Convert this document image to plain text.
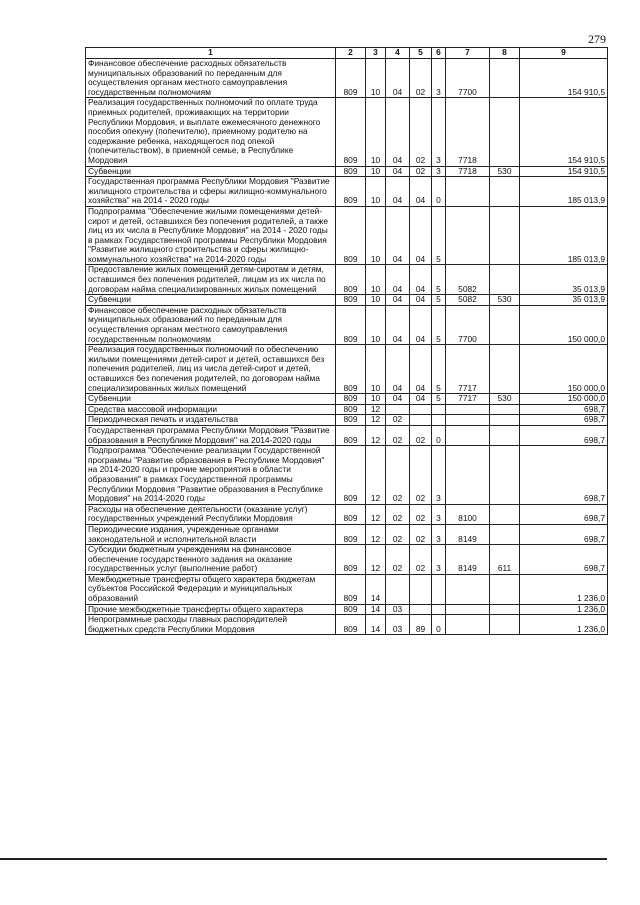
279
1	2	3	4	5	6	7	8	9
Финансовое обеспечение расходных обязательств муниципальных образований по переданным для осуществления органам местного самоуправления государственным полномочиям	809	10	04	02	3	7700		154 910,5
Реализация государственных полномочий по оплате труда приемных родителей, проживающих на территории Республики Мордовия, и выплате ежемесячного денежного пособия опекуну (попечителю), приемному родителю на содержание ребенка, находящегося под опекой (попечительством), в приемной семье, в Республике Мордовия	809	10	04	02	3	7718		154 910,5
Субвенции	809	10	04	02	3	7718	530	154 910,5
Государственная программа Республики Мордовия "Развитие жилищного строительства и сферы жилищно-коммунального хозяйства" на 2014 - 2020 годы	809	10	04	04	0			185 013,9
Подпрограмма "Обеспечение жилыми помещениями детей-сирот и детей, оставшихся без попечения родителей, а также лиц из их числа в Республике Мордовия" на 2014 - 2020 годы в рамках Государственной программы Республики Мордовия "Развитие жилищного строительства и сферы жилищно-коммунального хозяйства" на 2014-2020 годы	809	10	04	04	5			185 013,9
Предоставление жилых помещений детям-сиротам и детям, оставшимся без попечения родителей, лицам из их числа по договорам найма специализированных жилых помещений	809	10	04	04	5	5082		35 013,9
Субвенции	809	10	04	04	5	5082	530	35 013,9
Финансовое обеспечение расходных обязательств муниципальных образований по переданным для осуществления органам местного самоуправления государственным полномочиям	809	10	04	04	5	7700		150 000,0
Реализация государственных полномочий по обеспечению жилыми помещениями детей-сирот и детей, оставшихся без попечения родителей, лиц из числа детей-сирот и детей, оставшихся без попечения родителей, по договорам найма специализированных жилых помещений	809	10	04	04	5	7717		150 000,0
Субвенции	809	10	04	04	5	7717	530	150 000,0
Средства массовой информации	809	12						698,7
Периодическая печать и издательства	809	12	02					698,7
Государственная программа Республики Мордовия "Развитие образования в Республике Мордовия" на 2014-2020 годы	809	12	02	02	0			698,7
Подпрограмма "Обеспечение реализации Государственной программы "Развитие образования в Республике Мордовия" на 2014-2020 годы и прочие мероприятия в области образования" в рамках Государственной программы Республики Мордовия "Развитие образования в Республике Мордовия" на 2014-2020 годы	809	12	02	02	3			698,7
Расходы на обеспечение деятельности (оказание услуг) государственных учреждений Республики Мордовия	809	12	02	02	3	8100		698,7
Периодические издания, учрежденные органами законодательной и исполнительной власти	809	12	02	02	3	8149		698,7
Субсидии бюджетным учреждениям на финансовое обеспечение государственного задания на оказание государственных услуг (выполнение работ)	809	12	02	02	3	8149	611	698,7
Межбюджетные трансферты общего характера бюджетам субъектов Российской Федерации и муниципальных образований	809	14						1 236,0
Прочие межбюджетные трансферты общего характера	809	14	03					1 236,0
Непрограммные расходы главных распорядителей бюджетных средств Республики Мордовия	809	14	03	89	0			1 236,0
